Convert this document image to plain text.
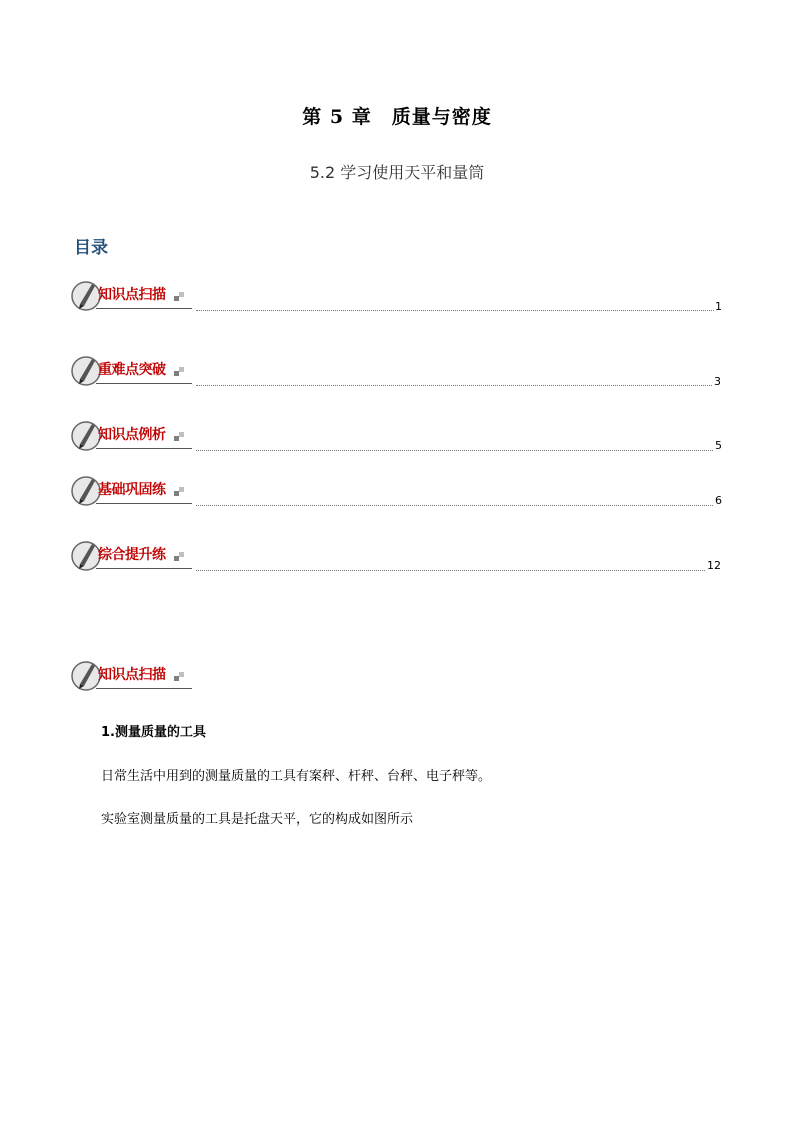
第 5 章　质量与密度
5.2 学习使用天平和量筒
目录
知识点扫描
1
重难点突破
3
知识点例析
5
基础巩固练
6
综合提升练
12
知识点扫描
1.测量质量的工具
日常生活中用到的测量质量的工具有案秤、杆秤、台秤、电子秤等。
实验室测量质量的工具是托盘天平，它的构成如图所示
